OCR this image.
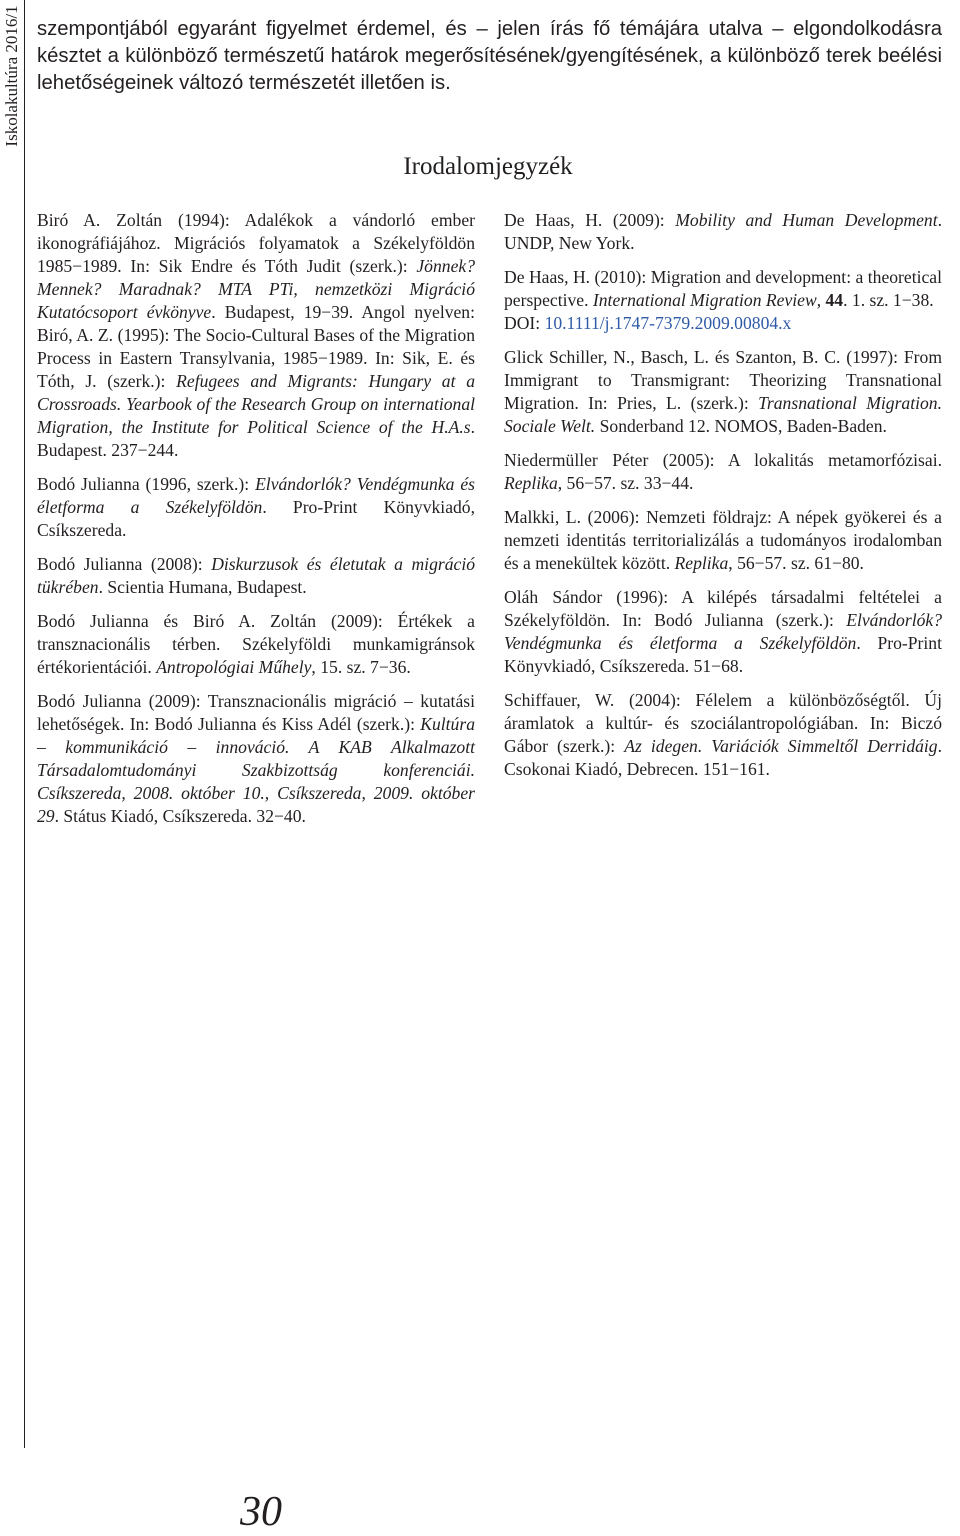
Iskolakultúra 2016/1 szempontjából egyaránt figyelmet érdemel, és – jelen írás fő témájára utalva – elgondolkodásra késztet a különböző természetű határok megerősítésének/gyengítésének, a különböző terek beélési lehetőségeinek változó természetét illetően is.

Irodalomjegyzék

Biró A. Zoltán (1994): Adalékok a vándorló ember ikonográfiájához. Migrációs folyamatok a Székelyföldön 1985−1989. In: Sik Endre és Tóth Judit (szerk.): Jönnek? Mennek? Maradnak? MTA PTi, nemzetközi Migráció Kutatócsoport évkönyve. Budapest, 19−39. Angol nyelven: Biró, A. Z. (1995): The Socio-Cultural Bases of the Migration Process in Eastern Transylvania, 1985−1989. In: Sik, E. és Tóth, J. (szerk.): Refugees and Migrants: Hungary at a Crossroads. Yearbook of the Research Group on international Migration, the Institute for Political Science of the H.A.s. Budapest. 237−244.

Bodó Julianna (1996, szerk.): Elvándorlók? Vendégmunka és életforma a Székelyföldön. Pro-Print Könyvkiadó, Csíkszereda.

Bodó Julianna (2008): Diskurzusok és életutak a migráció tükrében. Scientia Humana, Budapest.

Bodó Julianna és Biró A. Zoltán (2009): Értékek a transznacionális térben. Székelyföldi munkamigránsok értékorientációi. Antropológiai Műhely, 15. sz. 7−36.

Bodó Julianna (2009): Transznacionális migráció – kutatási lehetőségek. In: Bodó Julianna és Kiss Adél (szerk.): Kultúra – kommunikáció – innováció. A KAB Alkalmazott Társadalomtudományi Szakbizottság konferenciái. Csíkszereda, 2008. október 10., Csíkszereda, 2009. október 29. Státus Kiadó, Csíkszereda. 32−40.

De Haas, H. (2009): Mobility and Human Development. UNDP, New York.

De Haas, H. (2010): Migration and development: a theoretical perspective. International Migration Review, 44. 1. sz. 1−38.
DOI: 10.1111/j.1747-7379.2009.00804.x

Glick Schiller, N., Basch, L. és Szanton, B. C. (1997): From Immigrant to Transmigrant: Theorizing Transnational Migration. In: Pries, L. (szerk.): Transnational Migration. Sociale Welt. Sonderband 12. NOMOS, Baden-Baden.

Niedermüller Péter (2005): A lokalitás metamorfózisai. Replika, 56−57. sz. 33−44.

Malkki, L. (2006): Nemzeti földrajz: A népek gyökerei és a nemzeti identitás territorializálás a tudományos irodalomban és a menekültek között. Replika, 56−57. sz. 61−80.

Oláh Sándor (1996): A kilépés társadalmi feltételei a Székelyföldön. In: Bodó Julianna (szerk.): Elvándorlók? Vendégmunka és életforma a Székelyföldön. Pro-Print Könyvkiadó, Csíkszereda. 51−68.

Schiffauer, W. (2004): Félelem a különbözőségtől. Új áramlatok a kultúr- és szociálantropológiában. In: Biczó Gábor (szerk.): Az idegen. Variációk Simmeltől Derridáig. Csokonai Kiadó, Debrecen. 151−161.

30
